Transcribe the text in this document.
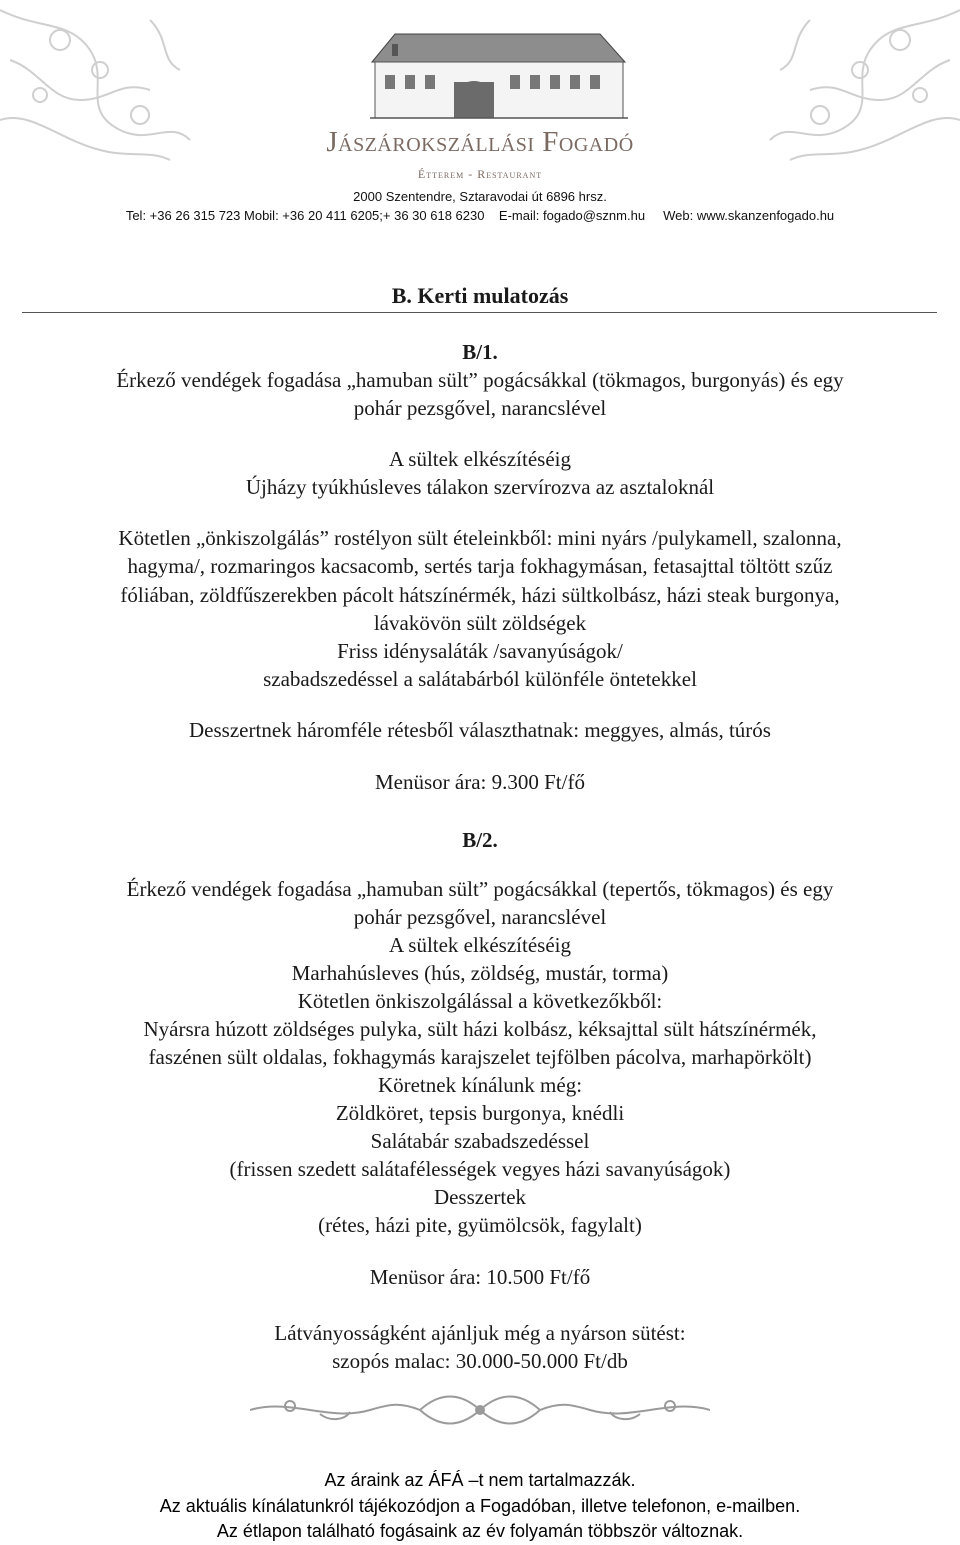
Jászárokszállási Fogadó
Étterem - Restaurant
2000 Szentendre, Sztaravodai út 6896 hrsz.
Tel: +36 26 315 723 Mobil: +36 20 411 6205;+ 36 30 618 6230    E-mail: fogado@sznm.hu     Web: www.skanzenfogado.hu
B. Kerti mulatozás
B/1.
Érkező vendégek fogadása „hamuban sült” pogácsákkal (tökmagos, burgonyás) és egy
pohár pezsgővel, narancslével
A sültek elkészítéséig
Újházy tyúkhúsleves tálakon szervírozva az asztaloknál
Kötetlen „önkiszolgálás” rostélyon sült ételeinkből: mini nyárs /pulykamell, szalonna,
hagyma/, rozmaringos kacsacomb, sertés tarja fokhagymásan, fetasajttal töltött szűz
fóliában, zöldfűszerekben pácolt hátszínérmék, házi sültkolbász, házi steak burgonya,
lávakövön sült zöldségek
Friss idénysaláták /savanyúságok/
szabadszedéssel a salátabárból különféle öntetekkel
Desszertnek háromféle rétesből választhatnak: meggyes, almás, túrós
Menüsor ára: 9.300 Ft/fő
B/2.
Érkező vendégek fogadása „hamuban sült” pogácsákkal (tepertős, tökmagos) és egy
pohár pezsgővel, narancslével
A sültek elkészítéséig
Marhahúsleves (hús, zöldség, mustár, torma)
Kötetlen önkiszolgálással a következőkből:
Nyársra húzott zöldséges pulyka, sült házi kolbász, kéksajttal sült hátszínérmék,
faszénen sült oldalas, fokhagymás karajszelet tejfölben pácolva, marhapörkölt)
Köretnek kínálunk még:
Zöldköret, tepsis burgonya, knédli
Salátabár szabadszedéssel
(frissen szedett salátafélességek vegyes házi savanyúságok)
Desszertek
(rétes, házi pite, gyümölcsök, fagylalt)
Menüsor ára: 10.500 Ft/fő
Látványosságként ajánljuk még a nyárson sütést:
szopós malac: 30.000-50.000 Ft/db
Az áraink az ÁFÁ –t nem tartalmazzák.
Az aktuális kínálatunkról tájékozódjon a Fogadóban, illetve telefonon, e-mailben.
Az étlapon található fogásaink az év folyamán többször változnak.
